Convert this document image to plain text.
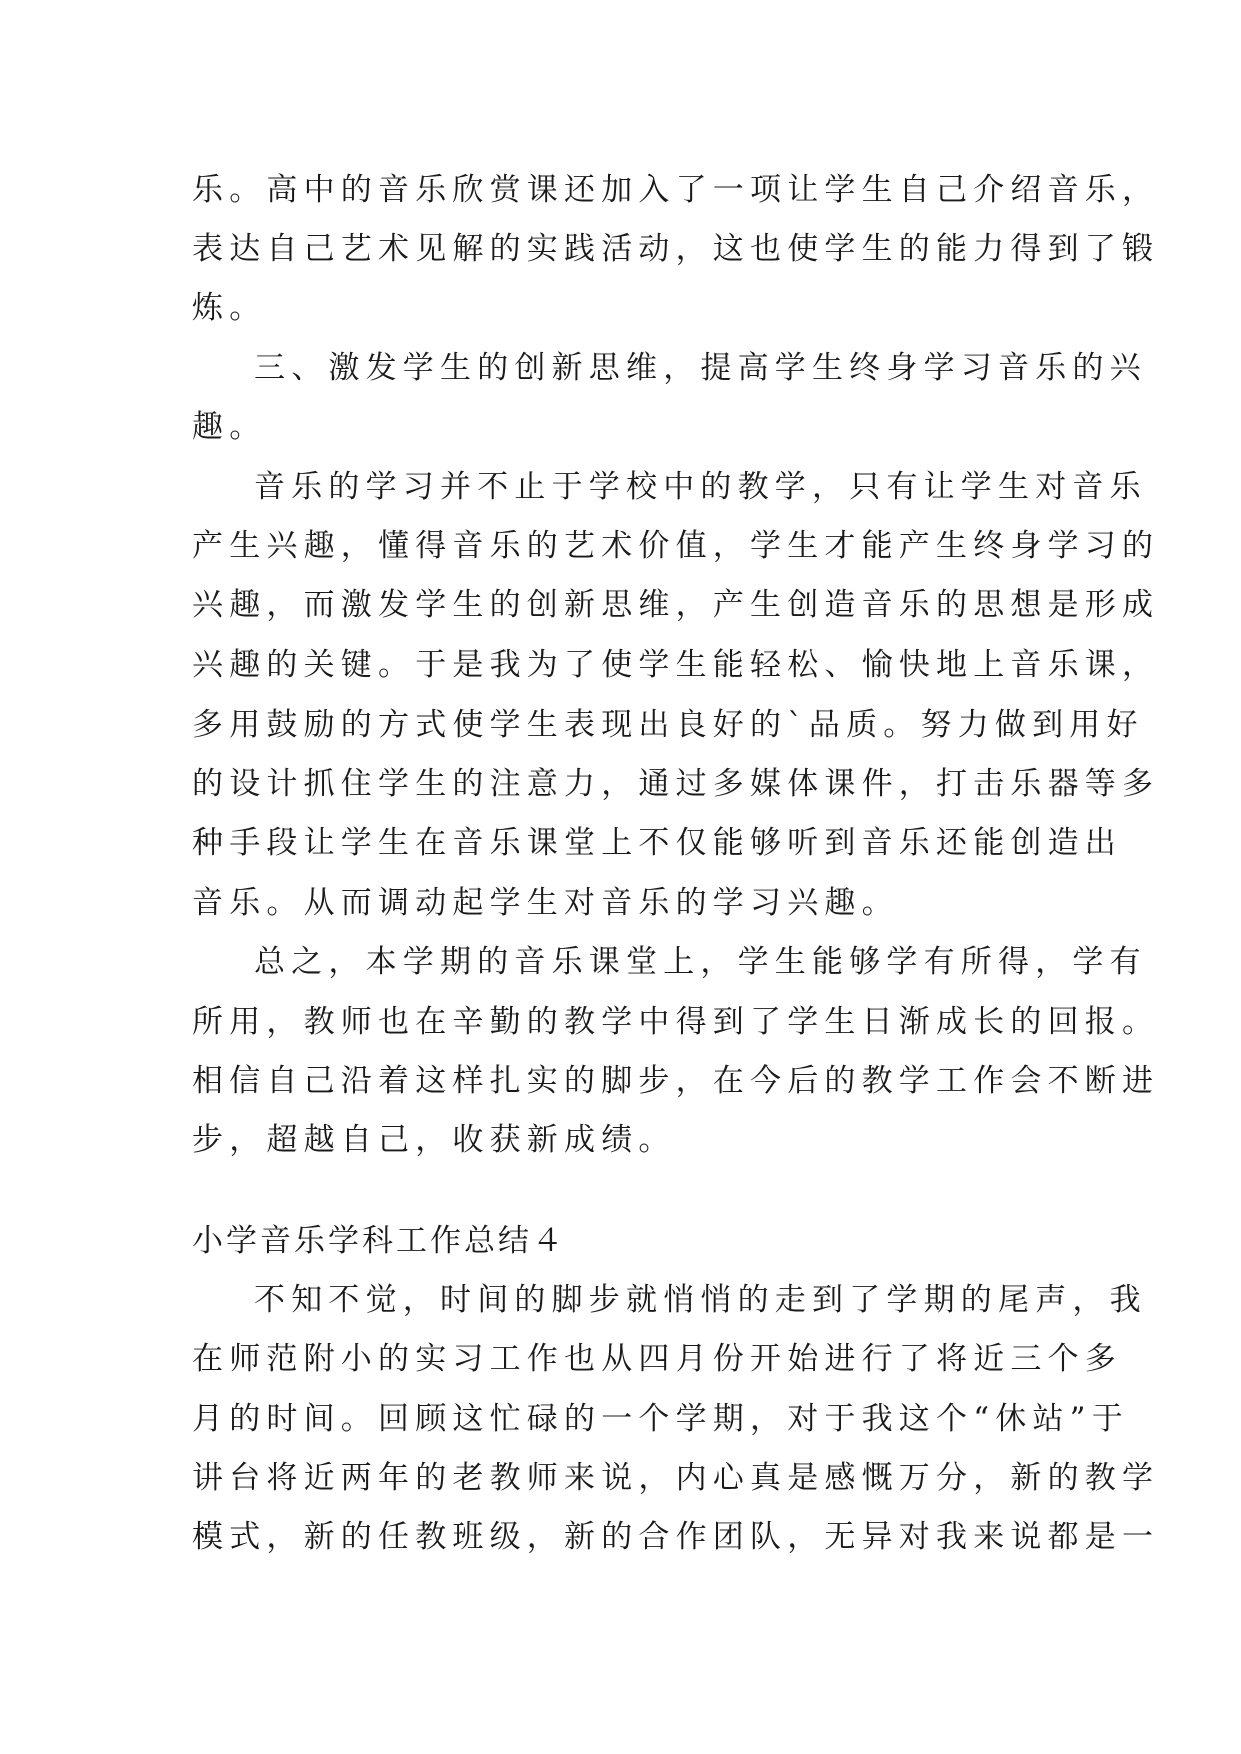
乐。高中的音乐欣赏课还加入了一项让学生自己介绍音乐，
表达自己艺术见解的实践活动，这也使学生的能力得到了锻
炼。
三、激发学生的创新思维，提高学生终身学习音乐的兴
趣。
音乐的学习并不止于学校中的教学，只有让学生对音乐
产生兴趣，懂得音乐的艺术价值，学生才能产生终身学习的
兴趣，而激发学生的创新思维，产生创造音乐的思想是形成
兴趣的关键。于是我为了使学生能轻松、愉快地上音乐课，
多用鼓励的方式使学生表现出良好的`品质。努力做到用好
的设计抓住学生的注意力，通过多媒体课件，打击乐器等多
种手段让学生在音乐课堂上不仅能够听到音乐还能创造出
音乐。从而调动起学生对音乐的学习兴趣。
总之，本学期的音乐课堂上，学生能够学有所得，学有
所用，教师也在辛勤的教学中得到了学生日渐成长的回报。
相信自己沿着这样扎实的脚步，在今后的教学工作会不断进
步，超越自己，收获新成绩。
小学音乐学科工作总结４
不知不觉，时间的脚步就悄悄的走到了学期的尾声，我
在师范附小的实习工作也从四月份开始进行了将近三个多
月的时间。回顾这忙碌的一个学期，对于我这个“休站”于
讲台将近两年的老教师来说，内心真是感慨万分，新的教学
模式，新的任教班级，新的合作团队，无异对我来说都是一
